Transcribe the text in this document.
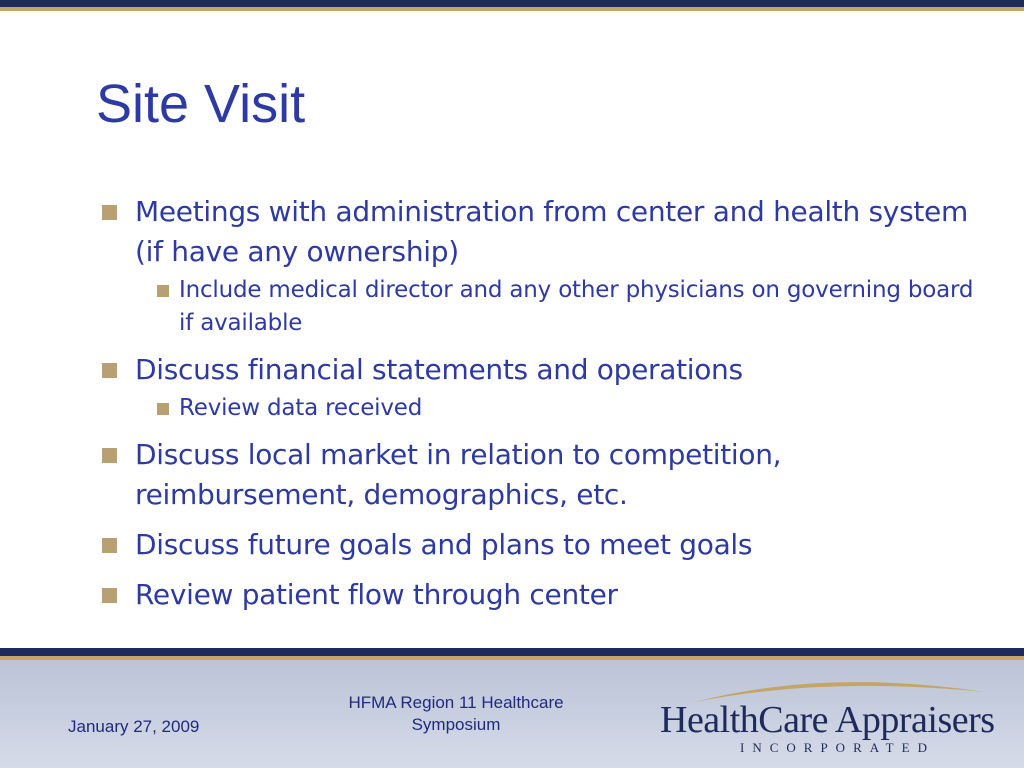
Site Visit
Meetings with administration from center and health system (if have any ownership)
Include medical director and any other physicians on governing board if available
Discuss financial statements and operations
Review data received
Discuss local market in relation to competition, reimbursement, demographics, etc.
Discuss future goals and plans to meet goals
Review patient flow through center
January 27, 2009
HFMA Region 11 Healthcare
Symposium	HealthCare Appraisers
INCORPORATED
